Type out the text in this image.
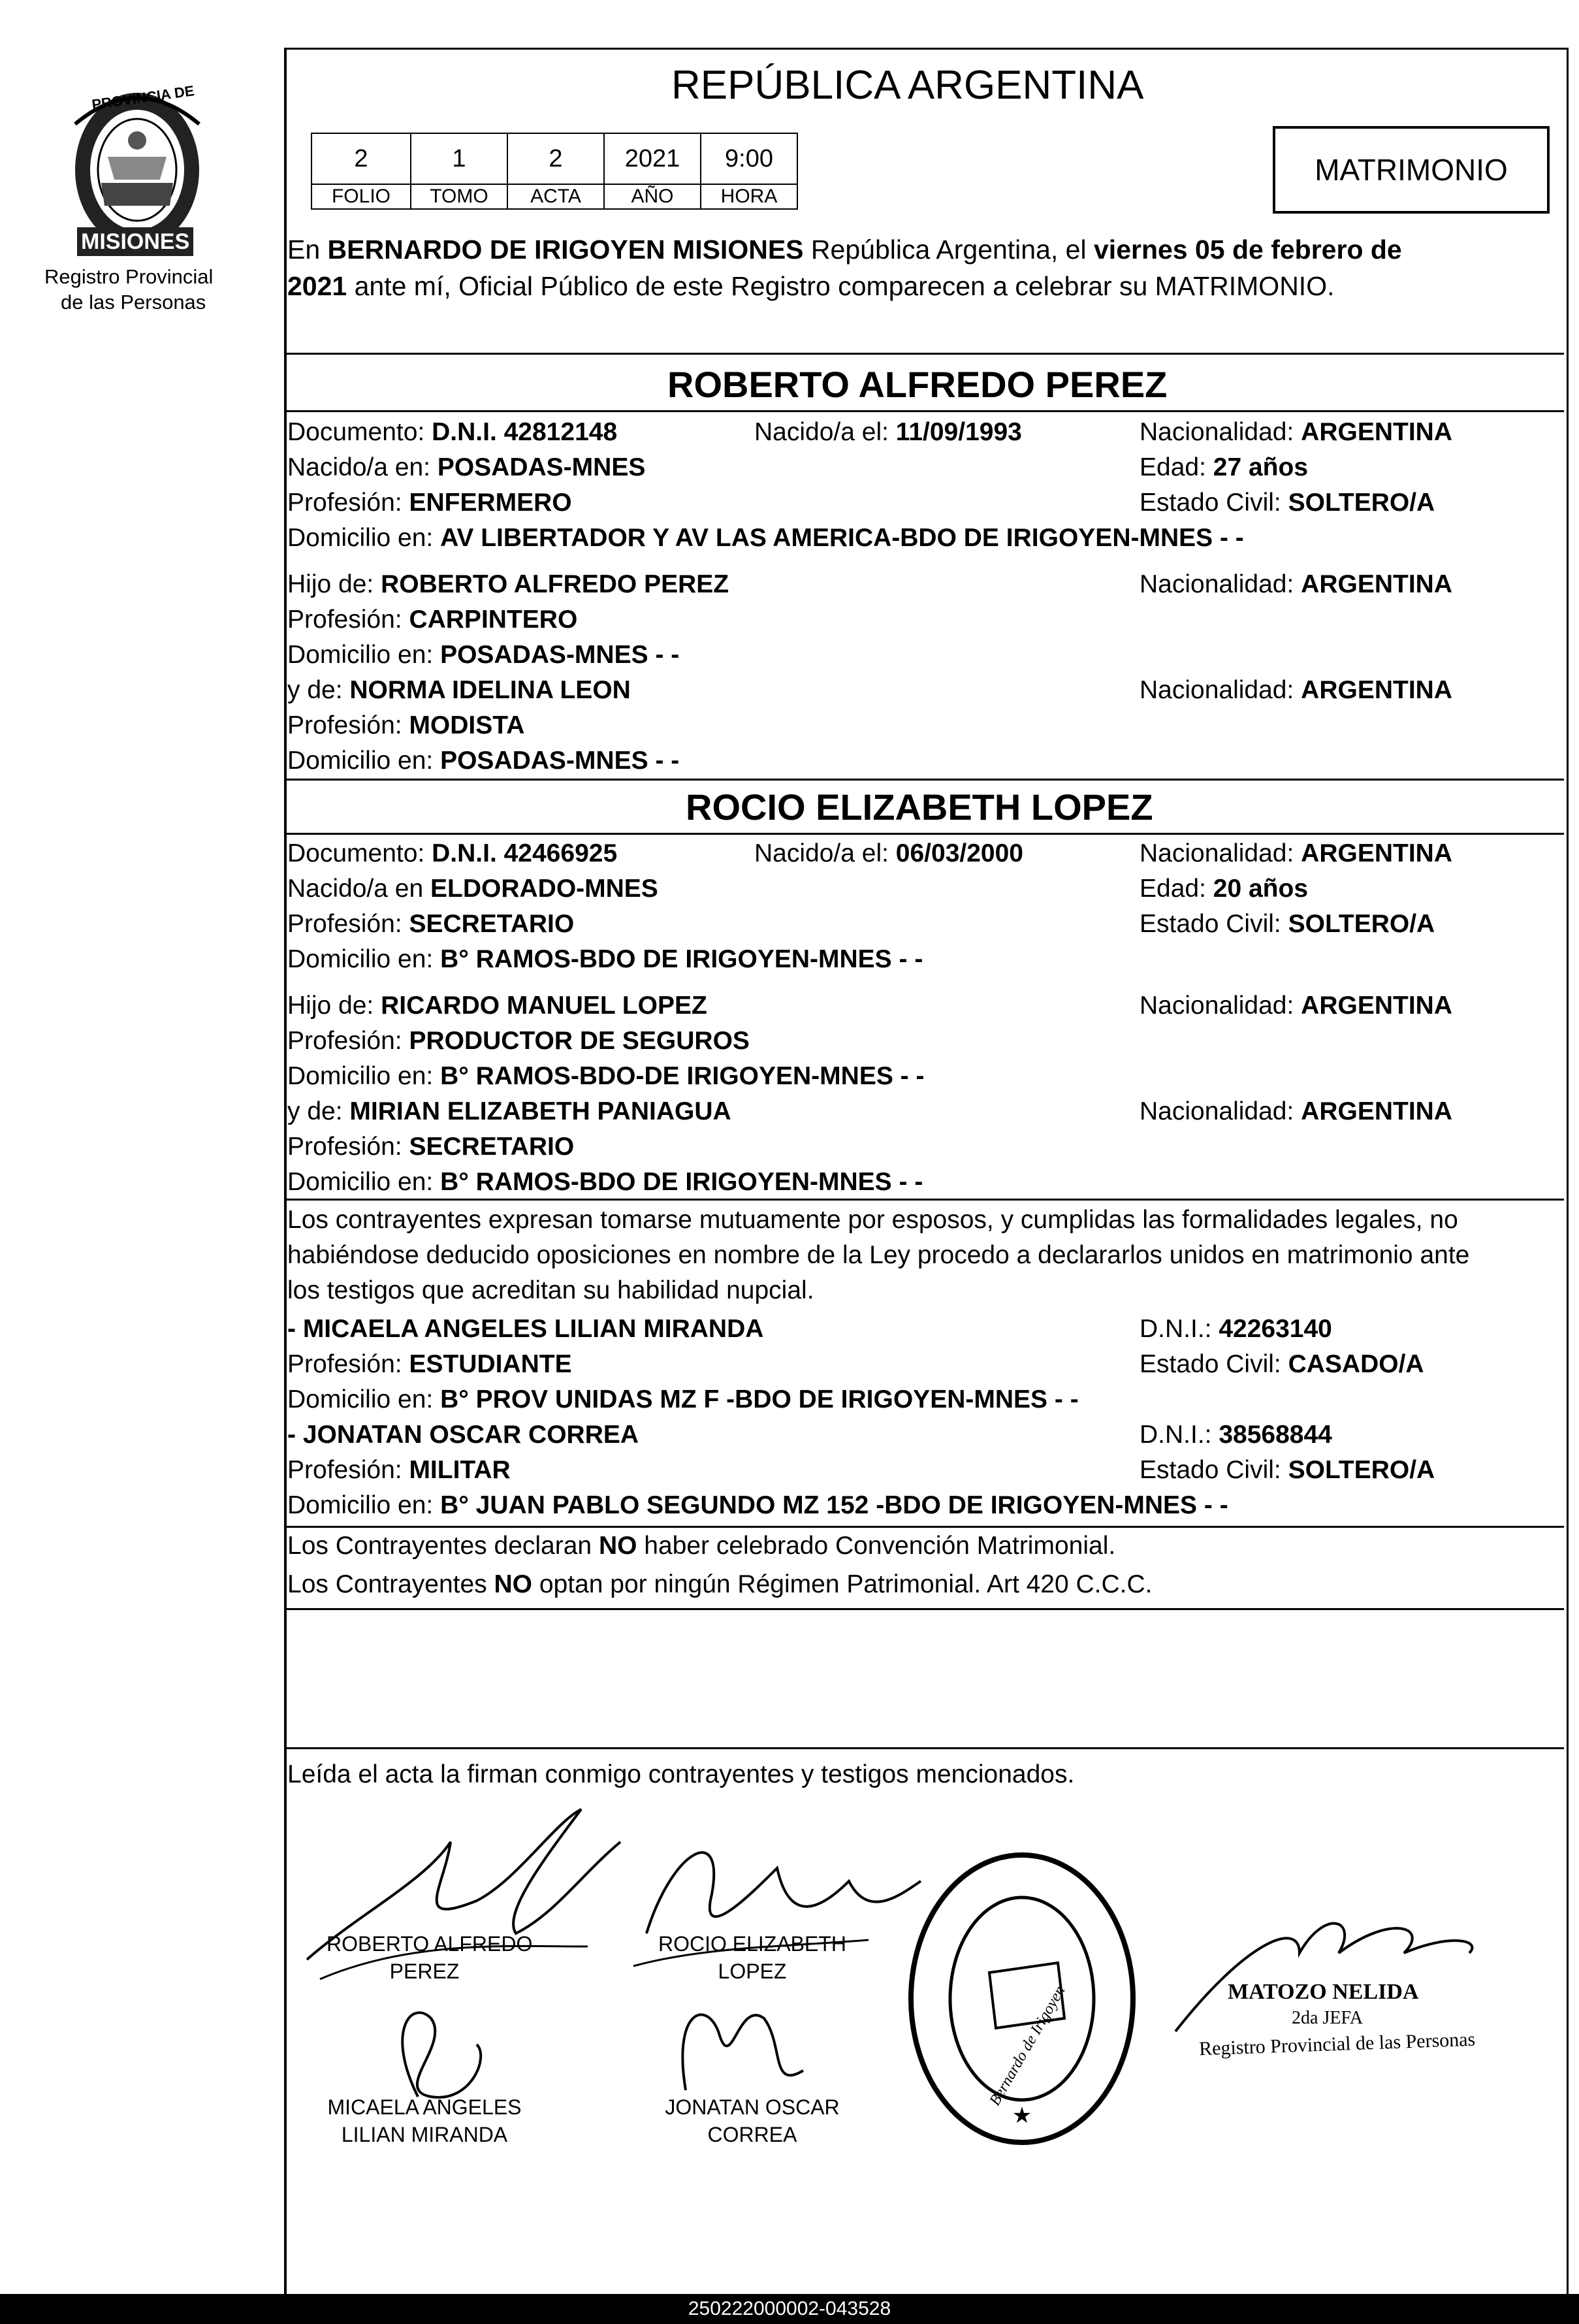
PROVINCIA DE
MISIONES
Registro Provincial
de las Personas
REPÚBLICA ARGENTINA
2	1	2	2021	9:00
FOLIO	TOMO	ACTA	AÑO	HORA
MATRIMONIO
En BERNARDO DE IRIGOYEN MISIONES República Argentina, el viernes 05 de febrero de
2021 ante mí, Oficial Público de este Registro comparecen a celebrar su MATRIMONIO.
ROBERTO ALFREDO PEREZ
Documento: D.N.I. 42812148	Nacido/a el: 11/09/1993	Nacionalidad: ARGENTINA
Nacido/a en: POSADAS-MNES	Edad: 27 años
Profesión: ENFERMERO	Estado Civil: SOLTERO/A
Domicilio en: AV LIBERTADOR Y AV LAS AMERICA-BDO DE IRIGOYEN-MNES - -
Hijo de: ROBERTO ALFREDO PEREZ	Nacionalidad: ARGENTINA
Profesión: CARPINTERO
Domicilio en: POSADAS-MNES - -
y de: NORMA IDELINA LEON	Nacionalidad: ARGENTINA
Profesión: MODISTA
Domicilio en: POSADAS-MNES - -
ROCIO ELIZABETH LOPEZ
Documento: D.N.I. 42466925	Nacido/a el: 06/03/2000	Nacionalidad: ARGENTINA
Nacido/a en ELDORADO-MNES	Edad: 20 años
Profesión: SECRETARIO	Estado Civil: SOLTERO/A
Domicilio en: B° RAMOS-BDO DE IRIGOYEN-MNES - -
Hijo de: RICARDO MANUEL LOPEZ	Nacionalidad: ARGENTINA
Profesión: PRODUCTOR DE SEGUROS
Domicilio en: B° RAMOS-BDO-DE IRIGOYEN-MNES - -
y de: MIRIAN ELIZABETH PANIAGUA	Nacionalidad: ARGENTINA
Profesión: SECRETARIO
Domicilio en: B° RAMOS-BDO DE IRIGOYEN-MNES - -
Los contrayentes expresan tomarse mutuamente por esposos, y cumplidas las formalidades legales, no
habiéndose deducido oposiciones en nombre de la Ley procedo a declararlos unidos en matrimonio ante
los testigos que acreditan su habilidad nupcial.
- MICAELA ANGELES LILIAN MIRANDA	D.N.I.: 42263140
Profesión: ESTUDIANTE	Estado Civil: CASADO/A
Domicilio en: B° PROV UNIDAS MZ F -BDO DE IRIGOYEN-MNES - -
- JONATAN OSCAR CORREA	D.N.I.: 38568844
Profesión: MILITAR	Estado Civil: SOLTERO/A
Domicilio en: B° JUAN PABLO SEGUNDO MZ 152 -BDO DE IRIGOYEN-MNES - -
Los Contrayentes declaran NO haber celebrado Convención Matrimonial.
Los Contrayentes NO optan por ningún Régimen Patrimonial. Art 420 C.C.C.
Leída el acta la firman conmigo contrayentes y testigos mencionados.
ROBERTO ALFREDO
PEREZ
ROCIO ELIZABETH
LOPEZ
MICAELA ANGELES
LILIAN MIRANDA
JONATAN OSCAR
CORREA
★
Bernardo de Irigoyen	MATOZO NELIDA
2da JEFA
Registro Provincial de las Personas
250222000002-043528
